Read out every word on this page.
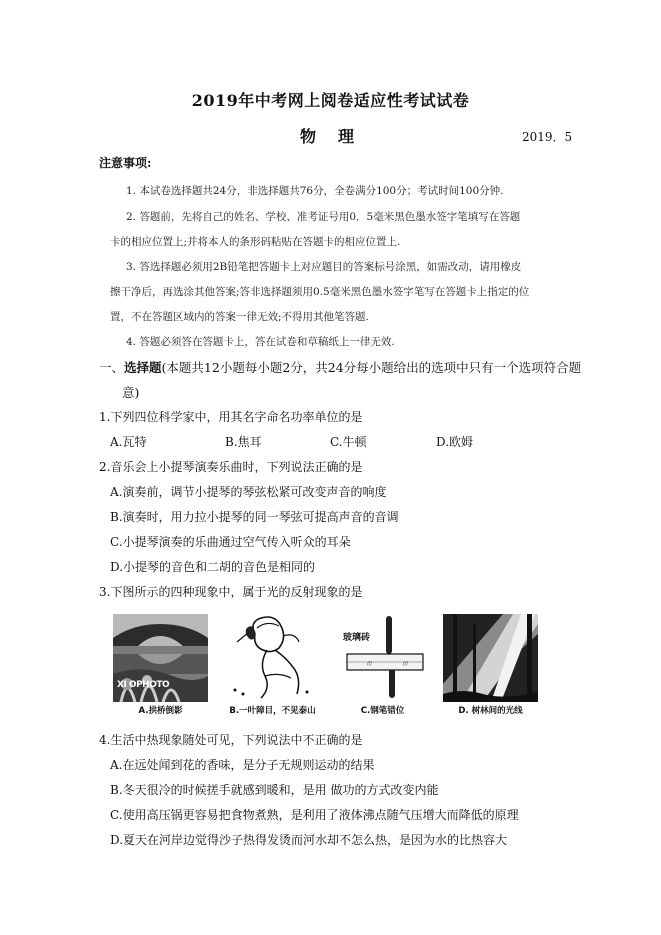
2019年中考网上阅卷适应性考试试卷
物理	2019．5
注意事项:
1. 本试卷选择题共24分，非选择题共76分，全卷满分100分；考试时间100分钟.
2. 答题前，先将自己的姓名、学校、准考证号用0．5毫米黑色墨水签字笔填写在答题
卡的相应位置上;并将本人的条形码粘贴在答题卡的相应位置上.
3. 答选择题必须用2B铅笔把答题卡上对应题目的答案标号涂黑，如需改动，请用橡皮
擦干净后，再选涂其他答案;答非选择题须用0.5毫米黑色墨水签字笔写在答题卡上指定的位
置，不在答题区域内的答案一律无效;不得用其他笔答题.
4. 答题必须答在答题卡上，答在试卷和草稿纸上一律无效.
一、选择题(本题共12小题每小题2分，共24分每小题给出的选项中只有一个选项符合题
意)
1.下列四位科学家中，用其名字命名功率单位的是
A.瓦特	B.焦耳	C.牛顿	D.欧姆
2.音乐会上小提琴演奏乐曲时，下列说法正确的是
A.演奏前，调节小提琴的琴弦松紧可改变声音的响度
B.演奏时，用力拉小提琴的同一琴弦可提高声音的音调
C.小提琴演奏的乐曲通过空气传入听众的耳朵
D.小提琴的音色和二胡的音色是相同的
3.下图所示的四种现象中，属于光的反射现象的是
XI OPHOTO
A.拱桥倒影	B.一叶障目，不见泰山
///	///
玻璃砖
C.钢笔错位	D. 树林间的光线
4.生活中热现象随处可见，下列说法中不正确的是
A.在远处闻到花的香味，是分子无规则运动的结果
B.冬天很冷的时候搓手就感到暖和，是用 做功的方式改变内能
C.使用高压锅更容易把食物煮熟，是利用了液体沸点随气压增大而降低的原理
D.夏天在河岸边觉得沙子热得发烫而河水却不怎么热，是因为水的比热容大
